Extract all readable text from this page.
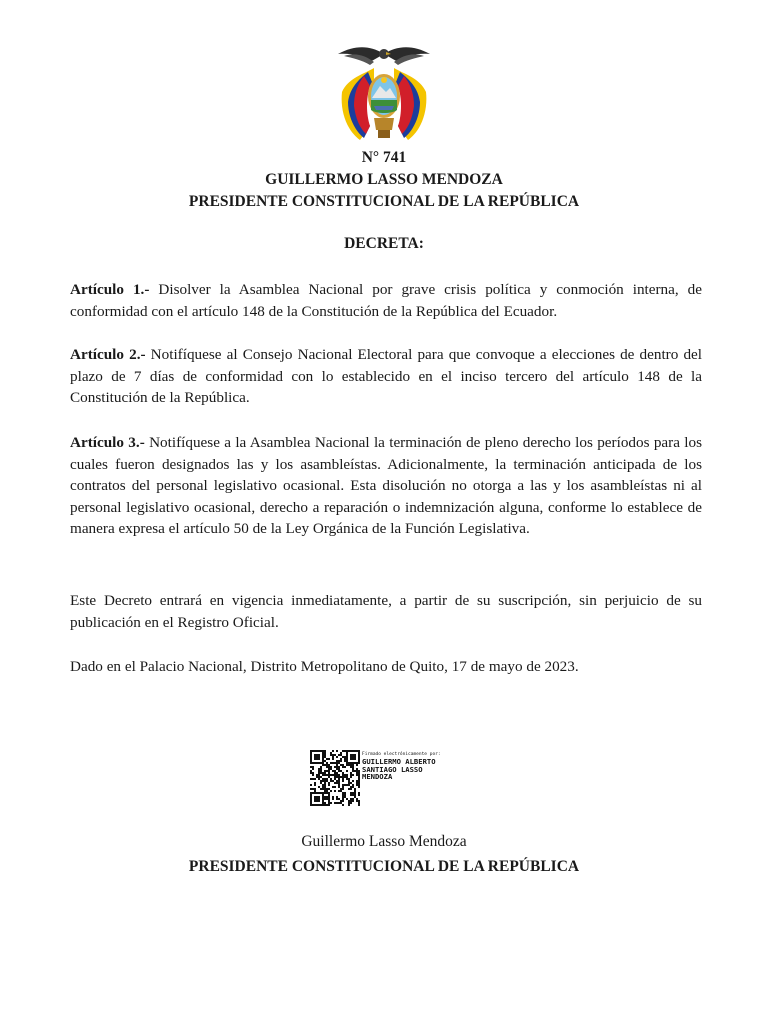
N° 741
GUILLERMO LASSO MENDOZA
PRESIDENTE CONSTITUCIONAL DE LA REPÚBLICA
DECRETA:

Artículo 1.- Disolver la Asamblea Nacional por grave crisis política y conmoción interna, de conformidad con el artículo 148 de la Constitución de la República del Ecuador.

Artículo 2.- Notifíquese al Consejo Nacional Electoral para que convoque a elecciones de dentro del plazo de 7 días de conformidad con lo establecido en el inciso tercero del artículo 148 de la Constitución de la República.

Artículo 3.- Notifíquese a la Asamblea Nacional la terminación de pleno derecho los períodos para los cuales fueron designados las y los asambleístas. Adicionalmente, la terminación anticipada de los contratos del personal legislativo ocasional. Esta disolución no otorga a las y los asambleístas ni al personal legislativo ocasional, derecho a reparación o indemnización alguna, conforme lo establece de manera expresa el artículo 50 de la Ley Orgánica de la Función Legislativa.

Este Decreto entrará en vigencia inmediatamente, a partir de su suscripción, sin perjuicio de su publicación en el Registro Oficial.

Dado en el Palacio Nacional, Distrito Metropolitano de Quito, 17 de mayo de 2023.

Firmado electrónicamente por:
GUILLERMO ALBERTO
SANTIAGO LASSO
MENDOZA
Guillermo Lasso Mendoza
PRESIDENTE CONSTITUCIONAL DE LA REPÚBLICA
